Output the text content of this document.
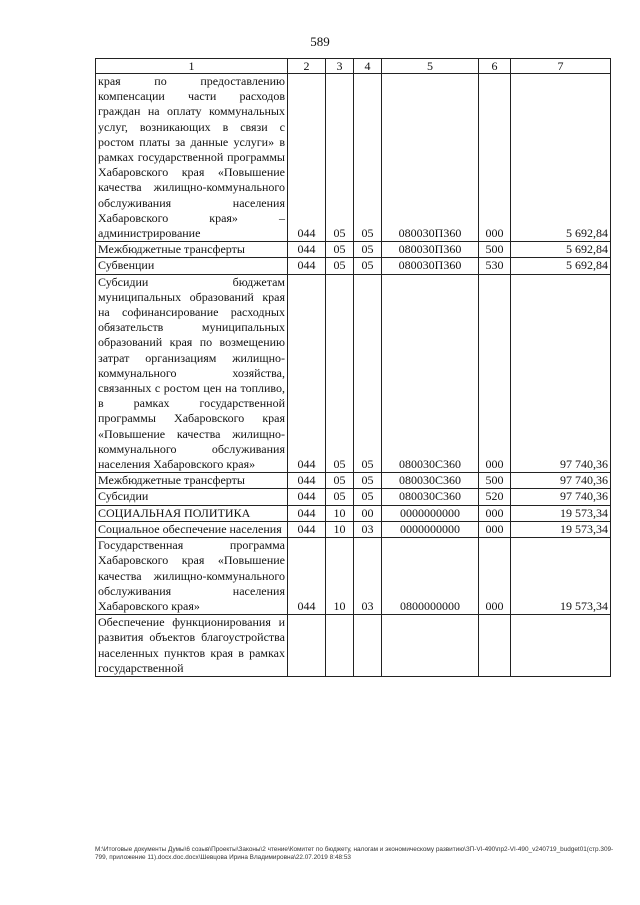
589
1	2	3	4	5	6	7
края по предоставлению компенсации части расходов граждан на оплату коммунальных услуг, возникающих в связи с ростом платы за данные услуги» в рамках государственной программы Хабаровского края «Повышение качества жилищно-коммунального обслуживания населения Хабаровского края» – администрирование	044	05	05	080030П360	000	5 692,84
Межбюджетные трансферты	044	05	05	080030П360	500	5 692,84
Субвенции	044	05	05	080030П360	530	5 692,84
Субсидии бюджетам муниципальных образований края на софинансирование расходных обязательств муниципальных образований края по возмещению затрат организациям жилищно-коммунального хозяйства, связанных с ростом цен на топливо, в рамках государственной программы Хабаровского края «Повышение качества жилищно-коммунального обслуживания населения Хабаровского края»	044	05	05	080030С360	000	97 740,36
Межбюджетные трансферты	044	05	05	080030С360	500	97 740,36
Субсидии	044	05	05	080030С360	520	97 740,36
СОЦИАЛЬНАЯ ПОЛИТИКА	044	10	00	0000000000	000	19 573,34
Социальное обеспечение населения	044	10	03	0000000000	000	19 573,34
Государственная программа Хабаровского края «Повышение качества жилищно-коммунального обслуживания населения Хабаровского края»	044	10	03	0800000000	000	19 573,34
Обеспечение функционирования и развития объектов благоустройства населенных пунктов края в рамках государственной						
M:\Итоговые документы Думы\6 созыв\Проекты\Законы\2 чтение\Комитет по бюджету, налогам и экономическому развитию\ЗП-VI-490\пр2-VI-490_v240719_budget01(стр.309-799, приложение 11).docx.doc.docx\Шевцова Ирина Владимировна\22.07.2019 8:48:53
